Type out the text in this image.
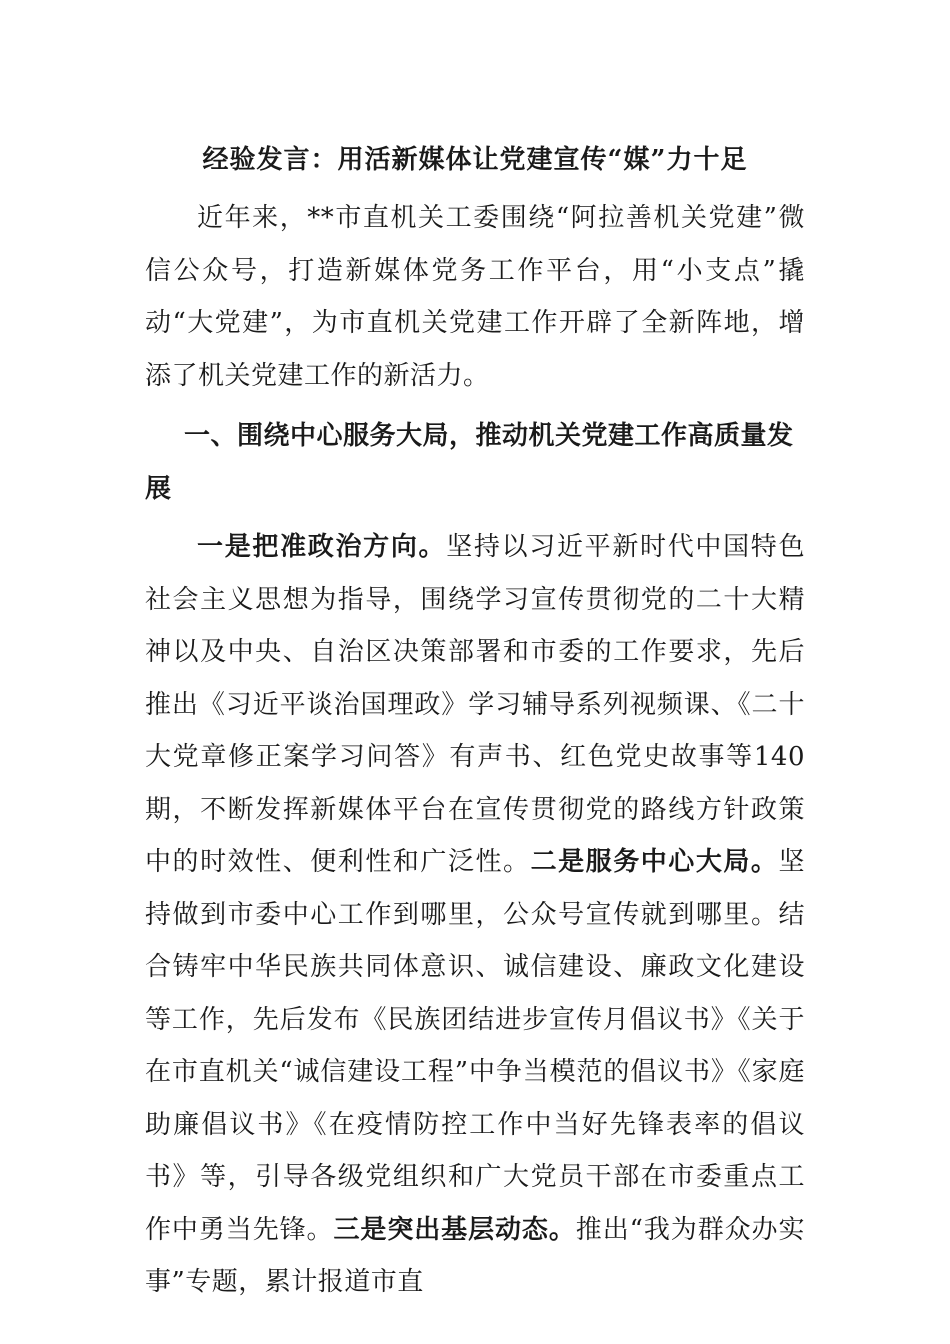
经验发言：用活新媒体让党建宣传“媒”力十足

近年来，**市直机关工委围绕“阿拉善机关党建”微信公众号，打造新媒体党务工作平台，用“小支点”撬动“大党建”，为市直机关党建工作开辟了全新阵地，增添了机关党建工作的新活力。

一、围绕中心服务大局，推动机关党建工作高质量发展

一是把准政治方向。坚持以习近平新时代中国特色社会主义思想为指导，围绕学习宣传贯彻党的二十大精神以及中央、自治区决策部署和市委的工作要求，先后推出《习近平谈治国理政》学习辅导系列视频课、《二十大党章修正案学习问答》有声书、红色党史故事等140期，不断发挥新媒体平台在宣传贯彻党的路线方针政策中的时效性、便利性和广泛性。二是服务中心大局。坚持做到市委中心工作到哪里，公众号宣传就到哪里。结合铸牢中华民族共同体意识、诚信建设、廉政文化建设等工作，先后发布《民族团结进步宣传月倡议书》《关于在市直机关“诚信建设工程”中争当模范的倡议书》《家庭助廉倡议书》《在疫情防控工作中当好先锋表率的倡议书》等，引导各级党组织和广大党员干部在市委重点工作中勇当先锋。三是突出基层动态。推出“我为群众办实事”专题，累计报道市直
